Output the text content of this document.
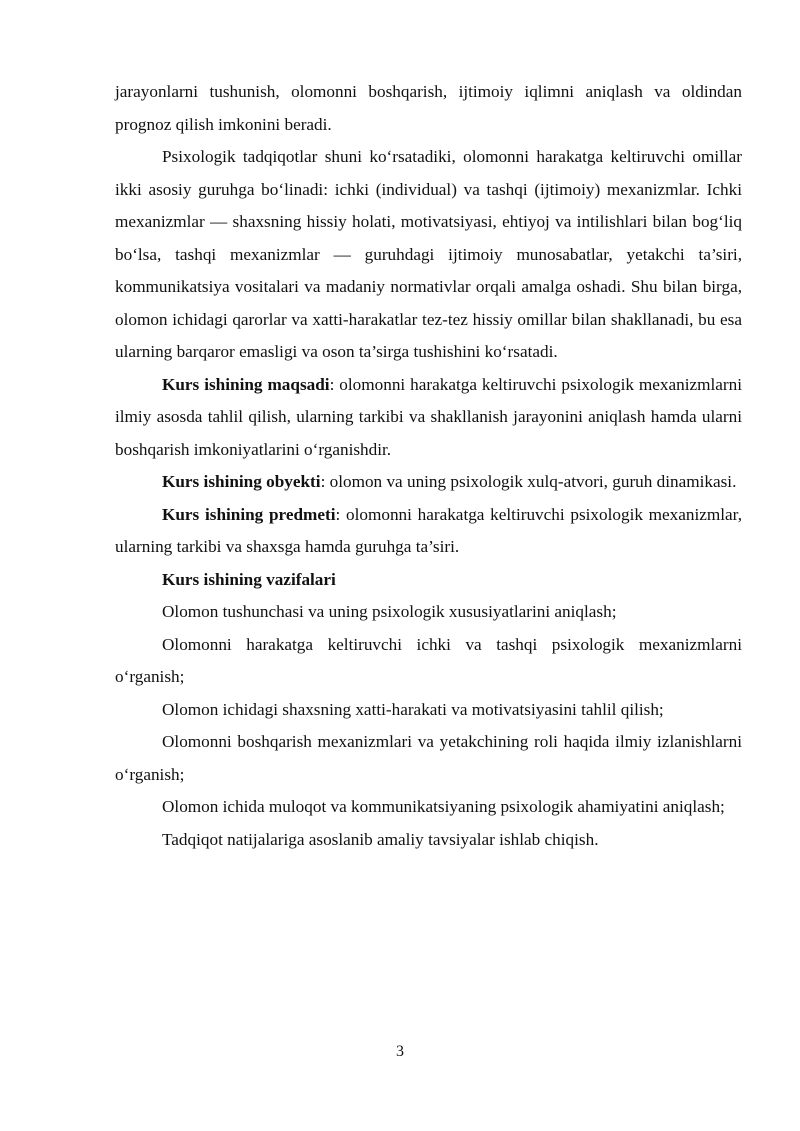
jarayonlarni tushunish, olomonni boshqarish, ijtimoiy iqlimni aniqlash va oldindan prognoz qilish imkonini beradi.

Psixologik tadqiqotlar shuni ko‘rsatadiki, olomonni harakatga keltiruvchi omillar ikki asosiy guruhga bo‘linadi: ichki (individual) va tashqi (ijtimoiy) mexanizmlar. Ichki mexanizmlar — shaxsning hissiy holati, motivatsiyasi, ehtiyoj va intilishlari bilan bog‘liq bo‘lsa, tashqi mexanizmlar — guruhdagi ijtimoiy munosabatlar, yetakchi ta’siri, kommunikatsiya vositalari va madaniy normativlar orqali amalga oshadi. Shu bilan birga, olomon ichidagi qarorlar va xatti-harakatlar tez-tez hissiy omillar bilan shakllanadi, bu esa ularning barqaror emasligi va oson ta’sirga tushishini ko‘rsatadi.

Kurs ishining maqsadi: olomonni harakatga keltiruvchi psixologik mexanizmlarni ilmiy asosda tahlil qilish, ularning tarkibi va shakllanish jarayonini aniqlash hamda ularni boshqarish imkoniyatlarini o‘rganishdir.

Kurs ishining obyekti: olomon va uning psixologik xulq-atvori, guruh dinamikasi.

Kurs ishining predmeti: olomonni harakatga keltiruvchi psixologik mexanizmlar, ularning tarkibi va shaxsga hamda guruhga ta’siri.

Kurs ishining vazifalari

Olomon tushunchasi va uning psixologik xususiyatlarini aniqlash;

Olomonni harakatga keltiruvchi ichki va tashqi psixologik mexanizmlarni o‘rganish;

Olomon ichidagi shaxsning xatti-harakati va motivatsiyasini tahlil qilish;

Olomonni boshqarish mexanizmlari va yetakchining roli haqida ilmiy izlanishlarni o‘rganish;

Olomon ichida muloqot va kommunikatsiyaning psixologik ahamiyatini aniqlash;

Tadqiqot natijalariga asoslanib amaliy tavsiyalar ishlab chiqish.

3
